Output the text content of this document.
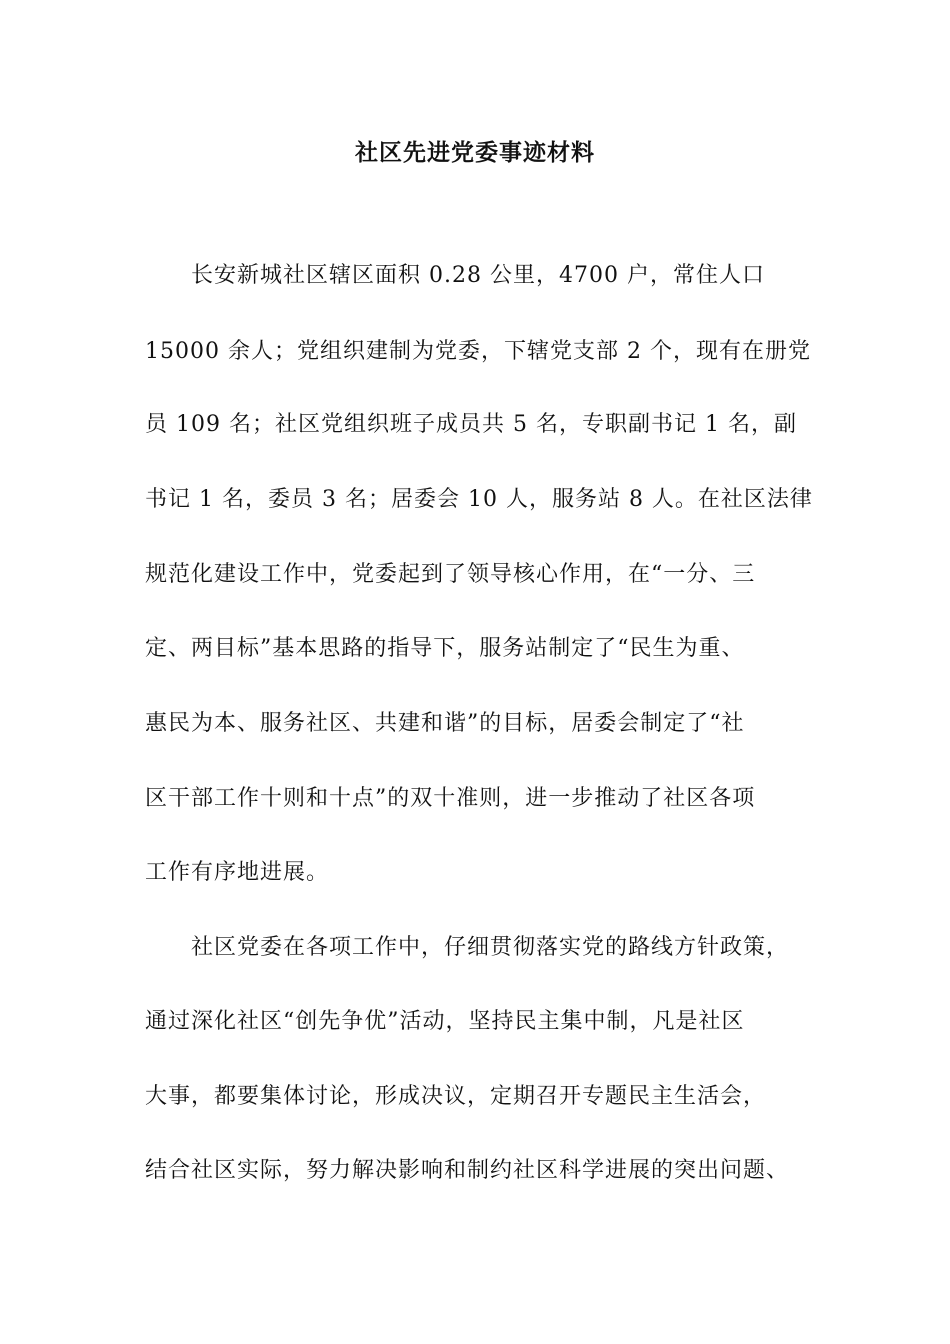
社区先进党委事迹材料
　　长安新城社区辖区面积 0.28 公里，4700 户，常住人口
15000 余人；党组织建制为党委，下辖党支部 2 个，现有在册党
员 109 名；社区党组织班子成员共 5 名，专职副书记 1 名，副
书记 1 名，委员 3 名；居委会 10 人，服务站 8 人。在社区法律
规范化建设工作中，党委起到了领导核心作用，在“一分、三
定、两目标”基本思路的指导下，服务站制定了“民生为重、
惠民为本、服务社区、共建和谐”的目标，居委会制定了“社
区干部工作十则和十点”的双十准则，进一步推动了社区各项
工作有序地进展。
　　社区党委在各项工作中，仔细贯彻落实党的路线方针政策，
通过深化社区“创先争优”活动，坚持民主集中制，凡是社区
大事，都要集体讨论，形成决议，定期召开专题民主生活会，
结合社区实际，努力解决影响和制约社区科学进展的突出问题、
